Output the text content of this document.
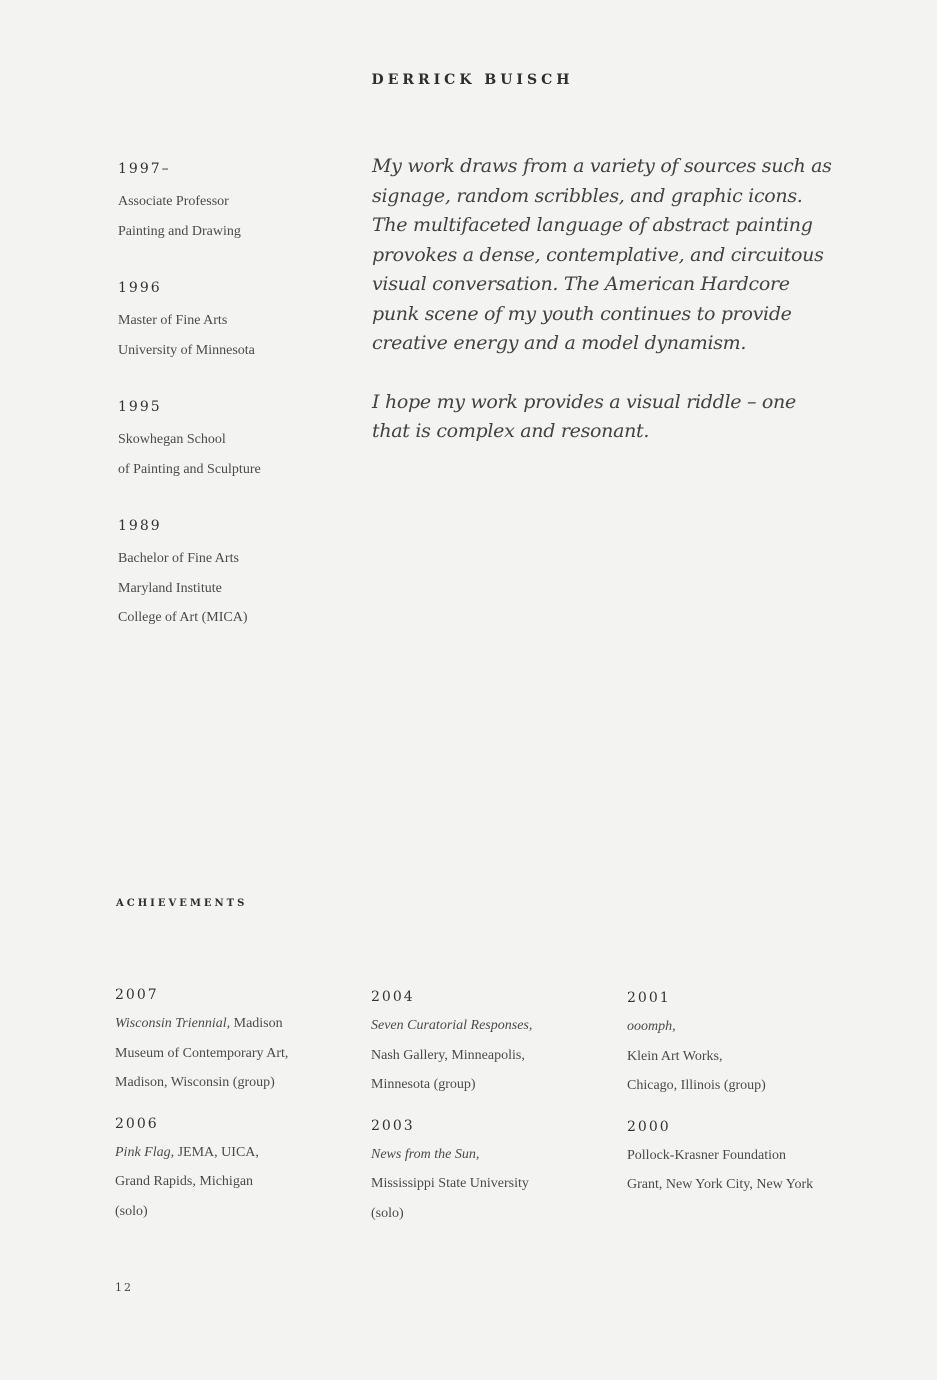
DERRICK BUISCH
1997–
Associate Professor
Painting and Drawing
1996
Master of Fine Arts
University of Minnesota
1995
Skowhegan School
of Painting and Sculpture
1989
Bachelor of Fine Arts
Maryland Institute
College of Art (MICA)

My work draws from a variety of sources such as signage, random scribbles, and graphic icons. The multifaceted language of abstract painting provokes a dense, contemplative, and circuitous visual conversation. The American Hardcore punk scene of my youth continues to provide creative energy and a model dynamism.

I hope my work provides a visual riddle – one that is complex and resonant.

ACHIEVEMENTS
2007
Wisconsin Triennial, Madison
Museum of Contemporary Art,
Madison, Wisconsin (group)
2006
Pink Flag, JEMA, UICA,
Grand Rapids, Michigan
(solo)
2004
Seven Curatorial Responses,
Nash Gallery, Minneapolis,
Minnesota (group)
2003
News from the Sun,
Mississippi State University
(solo)
2001
ooomph,
Klein Art Works,
Chicago, Illinois (group)
2000
Pollock-Krasner Foundation
Grant, New York City, New York
12
